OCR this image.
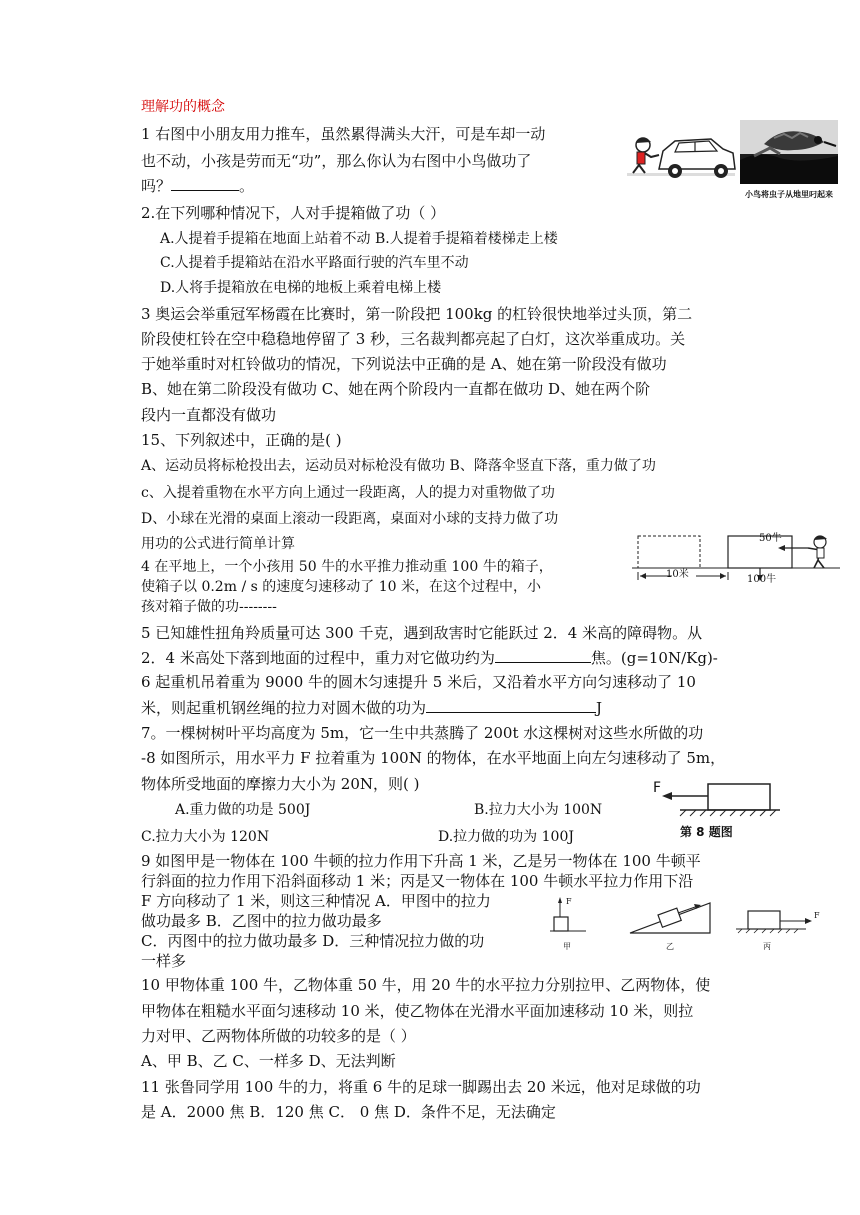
理解功的概念
1 右图中小朋友用力推车，虽然累得满头大汗，可是车却一动
也不动，小孩是劳而无“功”，那么你认为右图中小鸟做功了
吗？	。	小鸟将虫子从地里叼起来
2.在下列哪种情况下，人对手提箱做了功（ ）
A.人提着手提箱在地面上站着不动 B.人提着手提箱着楼梯走上楼
C.人提着手提箱站在沿水平路面行驶的汽车里不动
D.人将手提箱放在电梯的地板上乘着电梯上楼
3 奥运会举重冠军杨霞在比赛时，第一阶段把 100kg 的杠铃很快地举过头顶，第二
阶段使杠铃在空中稳稳地停留了 3 秒，三名裁判都亮起了白灯，这次举重成功。关
于她举重时对杠铃做功的情况，下列说法中正确的是 A、她在第一阶段没有做功
B、她在第二阶段没有做功 C、她在两个阶段内一直都在做功 D、她在两个阶
段内一直都没有做功
15、下列叙述中，正确的是( )
A、运动员将标枪投出去，运动员对标枪没有做功 B、降落伞竖直下落，重力做了功
c、入提着重物在水平方向上通过一段距离，人的提力对重物做了功
D、小球在光滑的桌面上滚动一段距离，桌面对小球的支持力做了功
用功的公式进行简单计算
4 在平地上，一个小孩用 50 牛的水平推力推动重 100 牛的箱子，
使箱子以 0.2m / s 的速度匀速移动了 10 米，在这个过程中，小
孩对箱子做的功--------
50牛
10米	100牛
5 已知雄性扭角羚质量可达 300 千克，遇到敌害时它能跃过 2．4 米高的障碍物。从
2．4 米高处下落到地面的过程中，重力对它做功约为	焦。(g=10N/Kg)-
6 起重机吊着重为 9000 牛的圆木匀速提升 5 米后，又沿着水平方向匀速移动了 10
米，则起重机钢丝绳的拉力对圆木做的功为	J
7。一棵树树叶平均高度为 5m，它一生中共蒸腾了 200t 水这棵树对这些水所做的功
-8 如图所示，用水平力 F 拉着重为 100N 的物体，在水平地面上向左匀速移动了 5m，
物体所受地面的摩擦力大小为 20N，则( )
A.重力做的功是 500J	B.拉力大小为 100N
C.拉力大小为 120N	D.拉力做的功为 100J
F
第 8 题图
9 如图甲是一物体在 100 牛顿的拉力作用下升高 1 米，乙是另一物体在 100 牛顿平
行斜面的拉力作用下沿斜面移动 1 米；丙是又一物体在 100 牛顿水平拉力作用下沿
F 方向移动了 1 米，则这三种情况 A．甲图中的拉力
做功最多 B．乙图中的拉力做功最多
C．丙图中的拉力做功最多 D．三种情况拉力做的功
一样多
F
F
甲	乙	丙
10 甲物体重 100 牛，乙物体重 50 牛，用 20 牛的水平拉力分别拉甲、乙两物体，使
甲物体在粗糙水平面匀速移动 10 米，使乙物体在光滑水平面加速移动 10 米，则拉
力对甲、乙两物体所做的功较多的是（ ）
A、甲 B、乙 C、一样多 D、无法判断
11 张鲁同学用 100 牛的力，将重 6 牛的足球一脚踢出去 20 米远，他对足球做的功
是 A．2000 焦 B．120 焦 C． 0 焦 D．条件不足，无法确定
